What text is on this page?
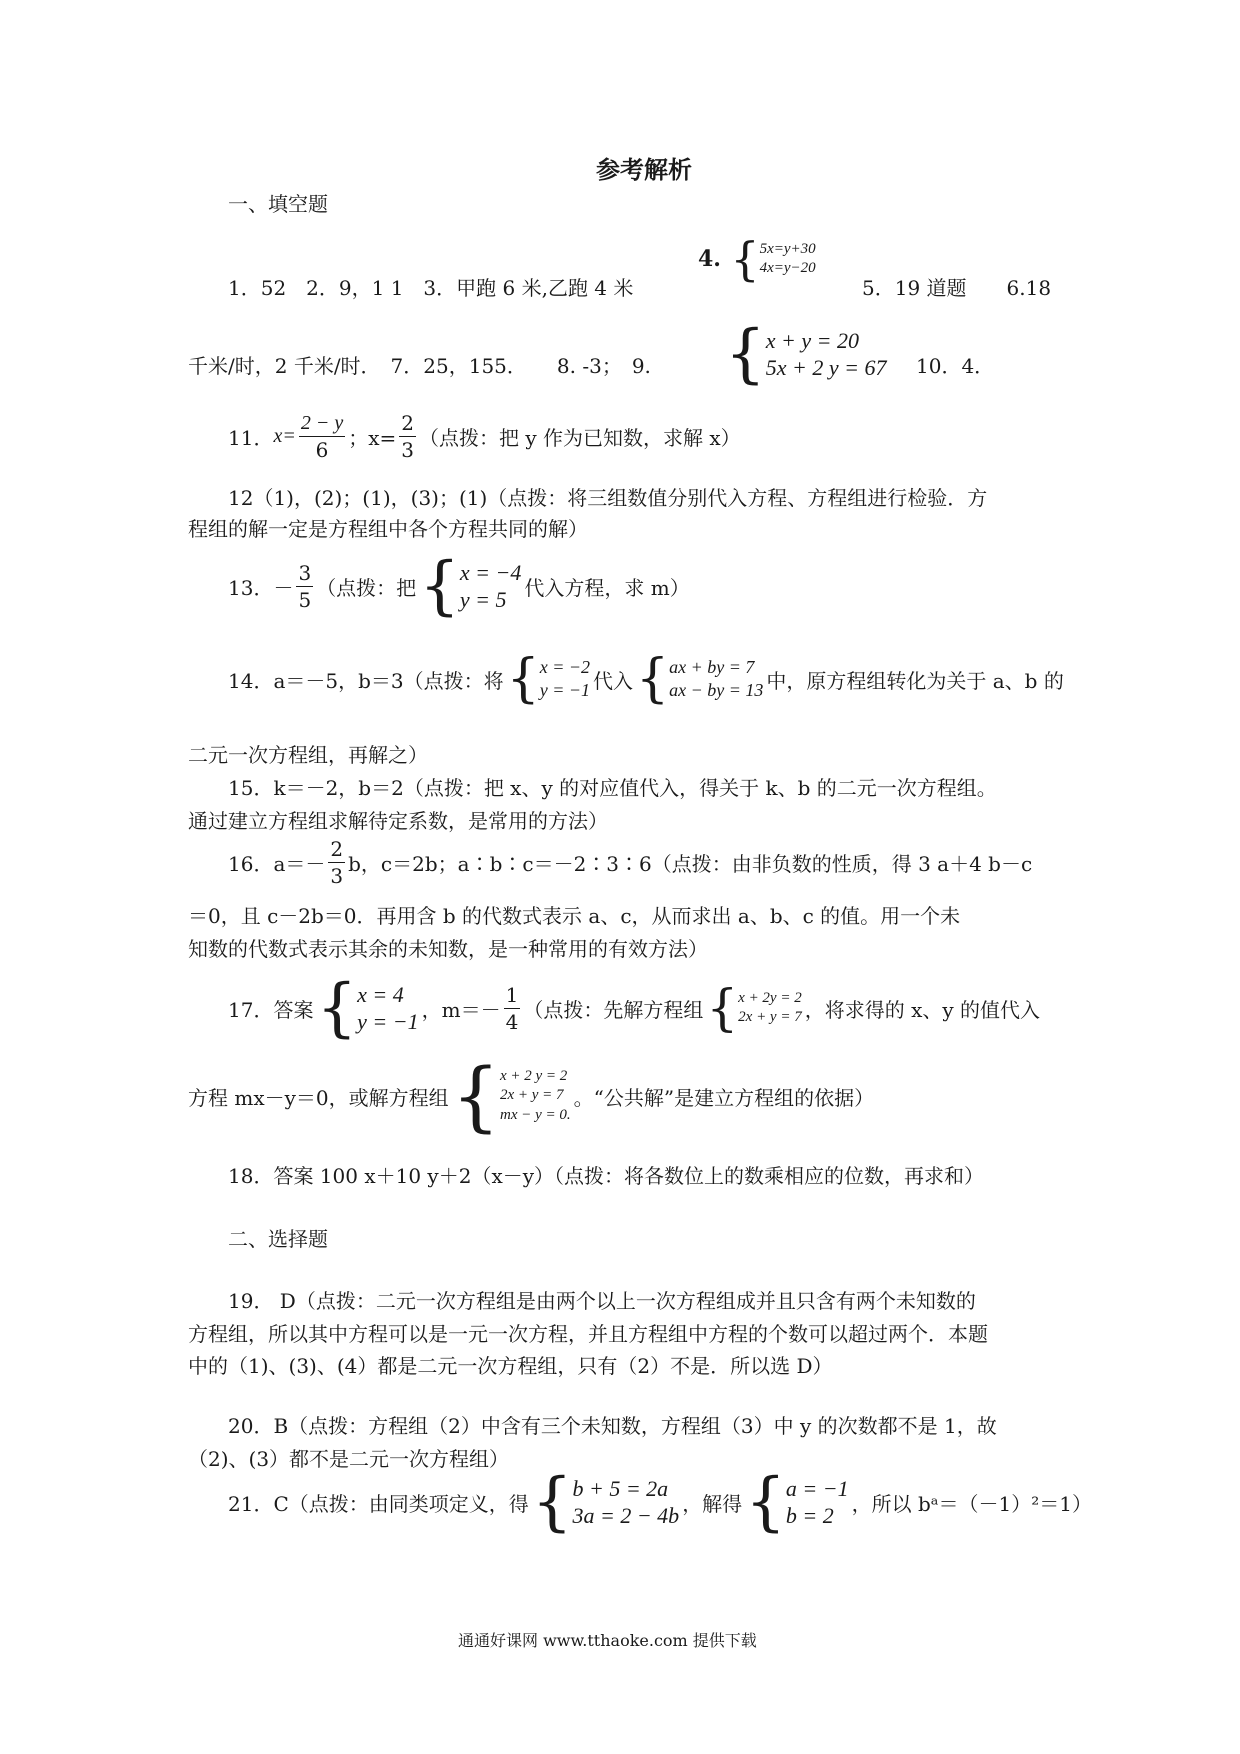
参考解析
一、填空题
1．52　2．9，1 1　3．甲跑 6 米,乙跑 4 米
4. { 5x=y+30
4x=y−20
5．19 道题　　6.18
千米/时，2 千米/时．　7．25，155．　　8. -3；　9. { x + y = 20
5x + 2 y = 67 10．4．
11． $x= \frac{2 - y}{6}$ ；$x= \frac{2}{3}$ （点拨：把 y 作为已知数，求解 x）
12（1)，(2)；(1)，(3)；(1)（点拨：将三组数值分别代入方程、方程组进行检验．方
程组的解一定是方程组中各个方程共同的解）
13．－ $\frac{3}{5}$ （点拨：把 { x = −4
y = 5 代入方程，求 m）
14．a＝－5，b＝3（点拨：将 { x = −2
y = −1 代入 { ax + by = 7
ax − by = 13 中，原方程组转化为关于 a、b 的
二元一次方程组，再解之）
15．k＝－2，b＝2（点拨：把 x、y 的对应值代入，得关于 k、b 的二元一次方程组。
通过建立方程组求解待定系数，是常用的方法）
16．$a=- \frac{2}{3}$ b，c＝2b；a∶b∶c＝－2∶3∶6（点拨：由非负数的性质，得 3 a＋4 b－c
＝0，且 c－2b＝0．再用含 b 的代数式表示 a、c，从而求出 a、b、c 的值。用一个未
知数的代数式表示其余的未知数，是一种常用的有效方法）
17．答案 { x = 4
y = −1 ，$m=- \frac{1}{4}$ （点拨：先解方程组 { x + 2y = 2
2x + y = 7 ，将求得的 x、y 的值代入
方程 mx－y＝0，或解方程组 { x + 2 y = 2
2x + y = 7
mx − y = 0.
。“公共解”是建立方程组的依据）
18．答案 100 x＋10 y＋2（x－y）（点拨：将各数位上的数乘相应的位数，再求和）
二、选择题
19． D（点拨：二元一次方程组是由两个以上一次方程组成并且只含有两个未知数的
方程组，所以其中方程可以是一元一次方程，并且方程组中方程的个数可以超过两个．本题
中的（1)、(3)、(4）都是二元一次方程组，只有（2）不是．所以选 D）
20．B（点拨：方程组（2）中含有三个未知数，方程组（3）中 y 的次数都不是 1，故
（2)、(3）都不是二元一次方程组）
21．C（点拨：由同类项定义，得 { b + 5 = 2a
3a = 2 − 4b ，解得 { a = −1
b = 2 ，所以 bᵃ＝（－1）²＝1）
通通好课网 www.tthaoke.com 提供下载
